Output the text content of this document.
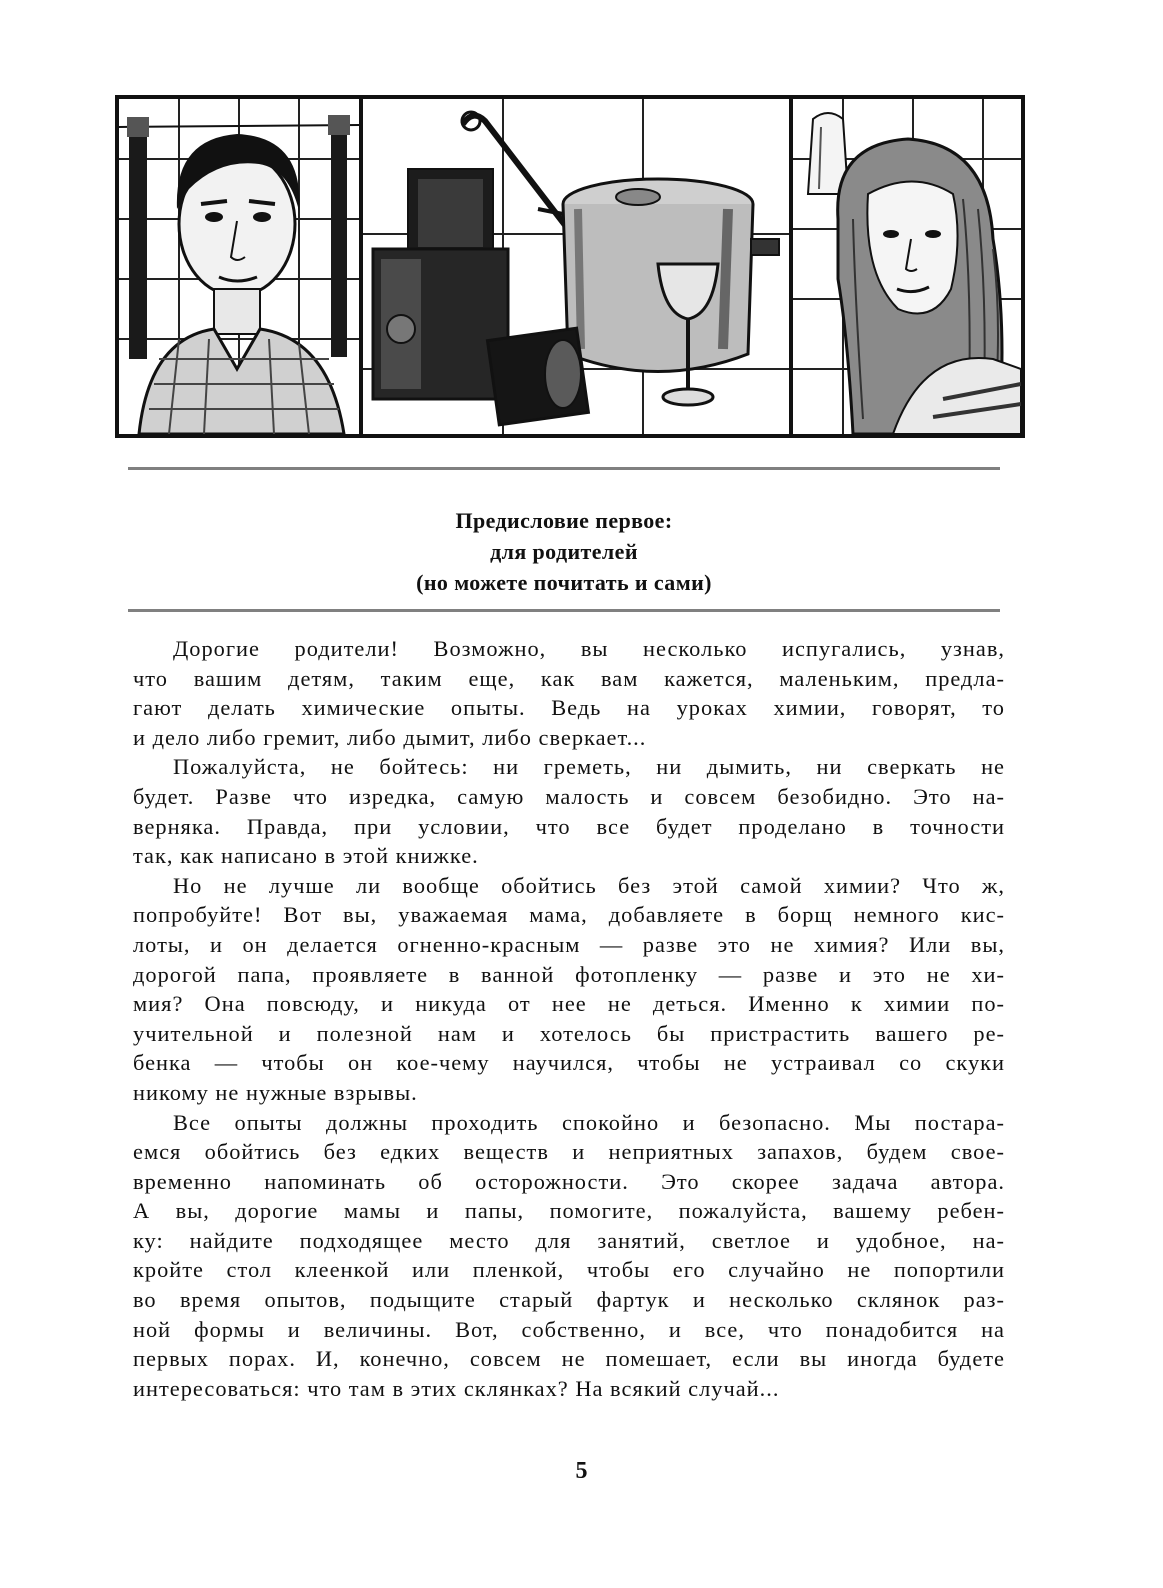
Предисловие первое:
для родителей
(но можете почитать и сами)
Дорогие родители! Возможно, вы несколько испугались, узнав,
что вашим детям, таким еще, как вам кажется, маленьким, предла-
гают делать химические опыты. Ведь на уроках химии, говорят, то
и дело либо гремит, либо дымит, либо сверкает...
Пожалуйста, не бойтесь: ни греметь, ни дымить, ни сверкать не
будет. Разве что изредка, самую малость и совсем безобидно. Это на-
верняка. Правда, при условии, что все будет проделано в точности
так, как написано в этой книжке.
Но не лучше ли вообще обойтись без этой самой химии? Что ж,
попробуйте! Вот вы, уважаемая мама, добавляете в борщ немного кис-
лоты, и он делается огненно-красным — разве это не химия? Или вы,
дорогой папа, проявляете в ванной фотопленку — разве и это не хи-
мия? Она повсюду, и никуда от нее не деться. Именно к химии по-
учительной и полезной нам и хотелось бы пристрастить вашего ре-
бенка — чтобы он кое-чему научился, чтобы не устраивал со скуки
никому не нужные взрывы.
Все опыты должны проходить спокойно и безопасно. Мы постара-
емся обойтись без едких веществ и неприятных запахов, будем свое-
временно напоминать об осторожности. Это скорее задача автора.
А вы, дорогие мамы и папы, помогите, пожалуйста, вашему ребен-
ку: найдите подходящее место для занятий, светлое и удобное, на-
кройте стол клеенкой или пленкой, чтобы его случайно не попортили
во время опытов, подыщите старый фартук и несколько склянок раз-
ной формы и величины. Вот, собственно, и все, что понадобится на
первых порах. И, конечно, совсем не помешает, если вы иногда будете
интересоваться: что там в этих склянках? На всякий случай...
5
